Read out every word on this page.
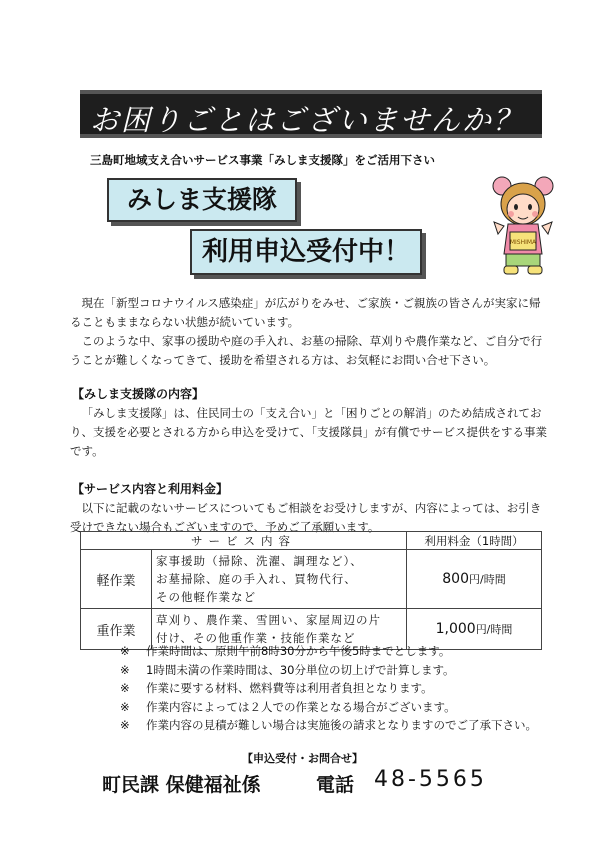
お困りごとはございませんか？
三島町地域支え合いサービス事業「みしま支援隊」をご活用下さい
みしま支援隊
利用申込受付中！	MISHIMA

現在「新型コロナウイルス感染症」が広がりをみせ、ご家族・ご親族の皆さんが実家に帰ることもままならない状態が続いています。

このような中、家事の援助や庭の手入れ、お墓の掃除、草刈りや農作業など、ご自分で行うことが難しくなってきて、援助を希望される方は、お気軽にお問い合せ下さい。

【みしま支援隊の内容】

「みしま支援隊」は、住民同士の「支え合い」と「困りごとの解消」のため結成されており、支援を必要とされる方から申込を受けて、「支援隊員」が有償でサービス提供をする事業です。

【サービス内容と利用料金】

以下に記載のないサービスについてもご相談をお受けしますが、内容によっては、お引き受けできない場合もございますので、予めご了承願います。

サービス内容		利用料金（1時間）
軽作業	家事援助（掃除、洗濯、調理など）、
お墓掃除、庭の手入れ、買物代行、
その他軽作業など	800円/時間
重作業	草刈り、農作業、雪囲い、家屋周辺の片
付け、その他重作業・技能作業など	1,000円/時間
※	作業時間は、原則午前8時30分から午後5時までとします。
※	1時間未満の作業時間は、30分単位の切上げで計算します。
※	作業に要する材料、燃料費等は利用者負担となります。
※	作業内容によっては２人での作業となる場合がございます。
※	作業内容の見積が難しい場合は実施後の請求となりますのでご了承下さい。
【申込受付・お問合せ】
町民課 保健福祉係	電話 48-5565
